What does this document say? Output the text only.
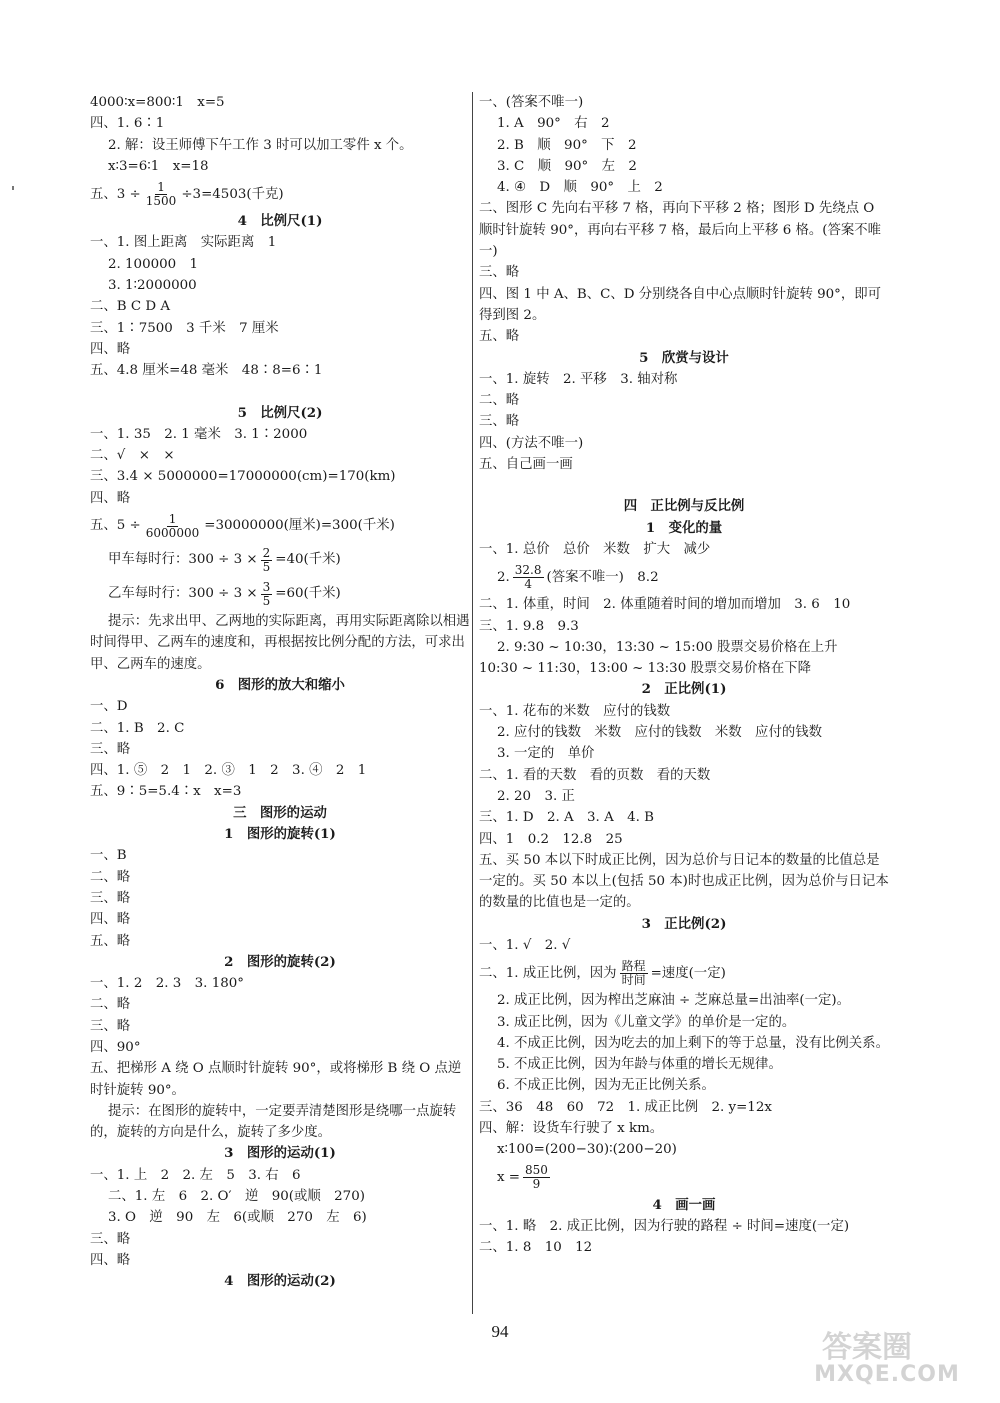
4000∶x=800∶1　x=5
四、1. 6∶1
2. 解：设王师傅下午工作 3 时可以加工零件 x 个。
x∶3=6∶1　x=18
五、$3 \div \frac{1}{1500} \div 3=4503$(千克)
4　比例尺(1)
一、1. 图上距离　实际距离　1
2. 100000　1
3. 1∶2000000
二、B C D A
三、1∶7500　3 千米　7 厘米
四、略
五、4.8 厘米=48 毫米　48∶8=6∶1
5　比例尺(2)
一、1. 35　2. 1 毫米　3. 1∶2000
二、√　×　×
三、3.4 × 5000000=17000000(cm)=170(km)
四、略
五、$5 \div \frac{1}{6000000} =30000000$(厘米)=300(千米)
甲车每时行：$300 \div 3 \times \frac{2}{5} =40$(千米)
乙车每时行：$300 \div 3 \times \frac{3}{5} =60$(千米)
提示：先求出甲、乙两地的实际距离，再用实际距离除以相遇时间得甲、乙两车的速度和，再根据按比例分配的方法，可求出甲、乙两车的速度。
6　图形的放大和缩小
一、D
二、1. B　2. C
三、略
四、1. ⑤　2　1　2. ③　1　2　3. ④　2　1
五、9∶5=5.4∶x　x=3
三　图形的运动
1　图形的旋转(1)
一、B
二、略
三、略
四、略
五、略
2　图形的旋转(2)
一、1. 2　2. 3　3. 180°
二、略
三、略
四、90°
五、把梯形 A 绕 O 点顺时针旋转 90°，或将梯形 B 绕 O 点逆时针旋转 90°。
提示：在图形的旋转中，一定要弄清楚图形是绕哪一点旋转的，旋转的方向是什么，旋转了多少度。
3　图形的运动(1)
一、1. 上　2　2. 左　5　3. 右　6
二、1. 左　6　2. O′　逆　90(或顺　270)
3. O　逆　90　左　6(或顺　270　左　6)
三、略
四、略
4　图形的运动(2)
一、(答案不唯一)
1. A　90°　右　2
2. B　顺　90°　下　2
3. C　顺　90°　左　2
4. ④　D　顺　90°　上　2
二、图形 C 先向右平移 7 格，再向下平移 2 格；图形 D 先绕点 O 顺时针旋转 90°，再向右平移 7 格，最后向上平移 6 格。(答案不唯一)
三、略
四、图 1 中 A、B、C、D 分别绕各自中心点顺时针旋转 90°，即可得到图 2。
五、略
5　欣赏与设计
一、1. 旋转　2. 平移　3. 轴对称
二、略
三、略
四、(方法不唯一)
五、自己画一画
四　正比例与反比例
1　变化的量
一、1. 总价　总价　米数　扩大　减少
2. $\frac{32.8}{4}$ (答案不唯一)　8.2
二、1. 体重，时间　2. 体重随着时间的增加而增加　3. 6　10
三、1. 9.8　9.3
2. 9:30 ~ 10:30，13:30 ~ 15:00 股票交易价格在上升
10:30 ~ 11:30，13:00 ~ 13:30 股票交易价格在下降
2　正比例(1)
一、1. 花布的米数　应付的钱数
2. 应付的钱数　米数　应付的钱数　米数　应付的钱数
3. 一定的　单价
二、1. 看的天数　看的页数　看的天数
2. 20　3. 正
三、1. D　2. A　3. A　4. B
四、1　0.2　12.8　25
五、买 50 本以下时成正比例，因为总价与日记本的数量的比值总是一定的。买 50 本以上(包括 50 本)时也成正比例，因为总价与日记本的数量的比值也是一定的。
3　正比例(2)
一、1. √　2. √
二、1. 成正比例，因为 $\frac{\text{路程}}{\text{时间}}$ =速度(一定)
2. 成正比例，因为榨出芝麻油 ÷ 芝麻总量=出油率(一定)。
3. 成正比例，因为《儿童文学》的单价是一定的。
4. 不成正比例，因为吃去的加上剩下的等于总量，没有比例关系。
5. 不成正比例，因为年龄与体重的增长无规律。
6. 不成正比例，因为无正比例关系。
三、36　48　60　72　1. 成正比例　2. y=12x
四、解：设货车行驶了 x km。
x∶100=(200−30)∶(200−20)
$x = \frac{850}{9}$
4　画一画
一、1. 略　2. 成正比例，因为行驶的路程 ÷ 时间=速度(一定)
二、1. 8　10　12
94	答案圈
MXQE.COM
